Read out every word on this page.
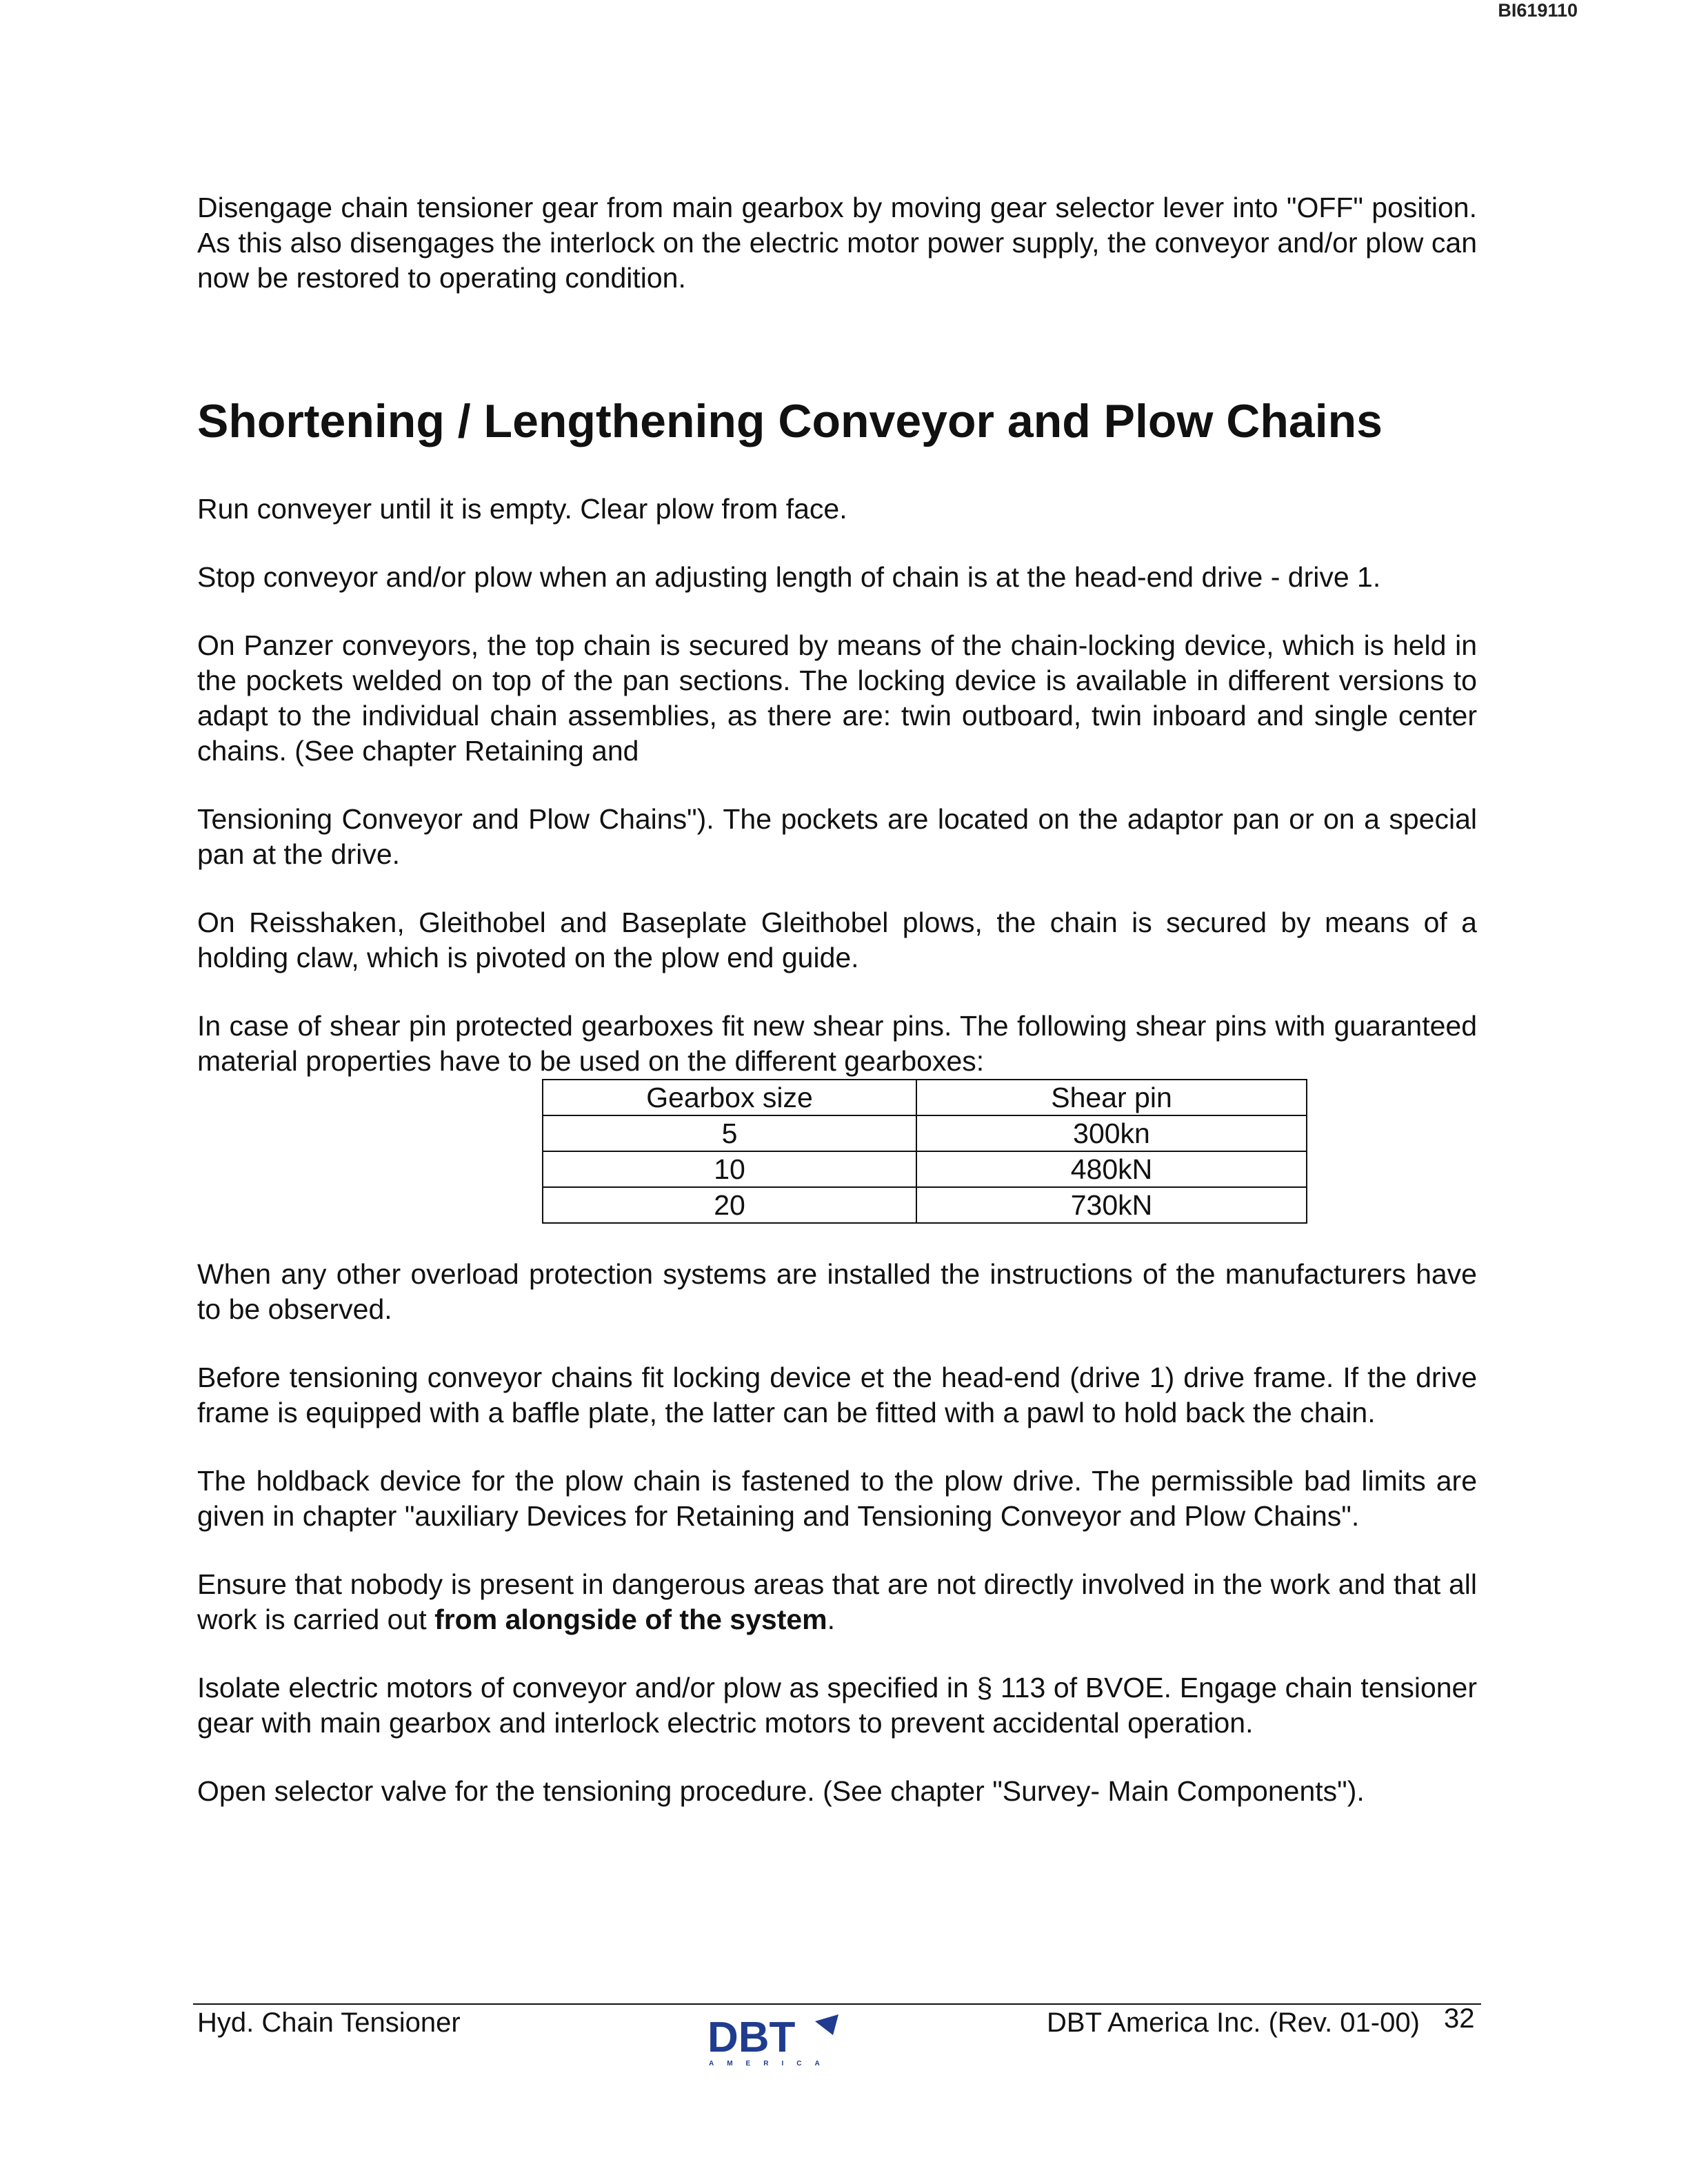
BI619110

Disengage chain tensioner gear from main gearbox by moving gear selector lever into "OFF" position. As this also disengages the interlock on the electric motor power supply, the conveyor and/or plow can now be restored to operating condition.

Shortening / Lengthening Conveyor and Plow Chains

Run conveyer until it is empty. Clear plow from face.

Stop conveyor and/or plow when an adjusting length of chain is at the head-end drive - drive 1.

On Panzer conveyors, the top chain is secured by means of the chain-locking device, which is held in the pockets welded on top of the pan sections. The locking device is available in different versions to adapt to the individual chain assemblies, as there are: twin outboard, twin inboard and single center chains. (See chapter Retaining and

Tensioning Conveyor and Plow Chains"). The pockets are located on the adaptor pan or on a special pan at the drive.

On Reisshaken, Gleithobel and Baseplate Gleithobel plows, the chain is secured by means of a holding claw, which is pivoted on the plow end guide.

In case of shear pin protected gearboxes fit new shear pins. The following shear pins with guaranteed material properties have to be used on the different gearboxes:

Gearbox size	Shear pin
5	300kn
10	480kN
20	730kN

When any other overload protection systems are installed the instructions of the manufacturers have to be observed.

Before tensioning conveyor chains fit locking device et the head-end (drive 1) drive frame. If the drive frame is equipped with a baffle plate, the latter can be fitted with a pawl to hold back the chain.

The holdback device for the plow chain is fastened to the plow drive. The permissible bad limits are given in chapter "auxiliary Devices for Retaining and Tensioning Conveyor and Plow Chains".

Ensure that nobody is present in dangerous areas that are not directly involved in the work and that all work is carried out from alongside of the system.

Isolate electric motors of conveyor and/or plow as specified in § 113 of BVOE. Engage chain tensioner gear with main gearbox and interlock electric motors to prevent accidental operation.

Open selector valve for the tensioning procedure. (See chapter "Survey- Main Components").

Hyd. Chain Tensioner	DBT
AMERICA
DBT America Inc. (Rev. 01-00) 32
